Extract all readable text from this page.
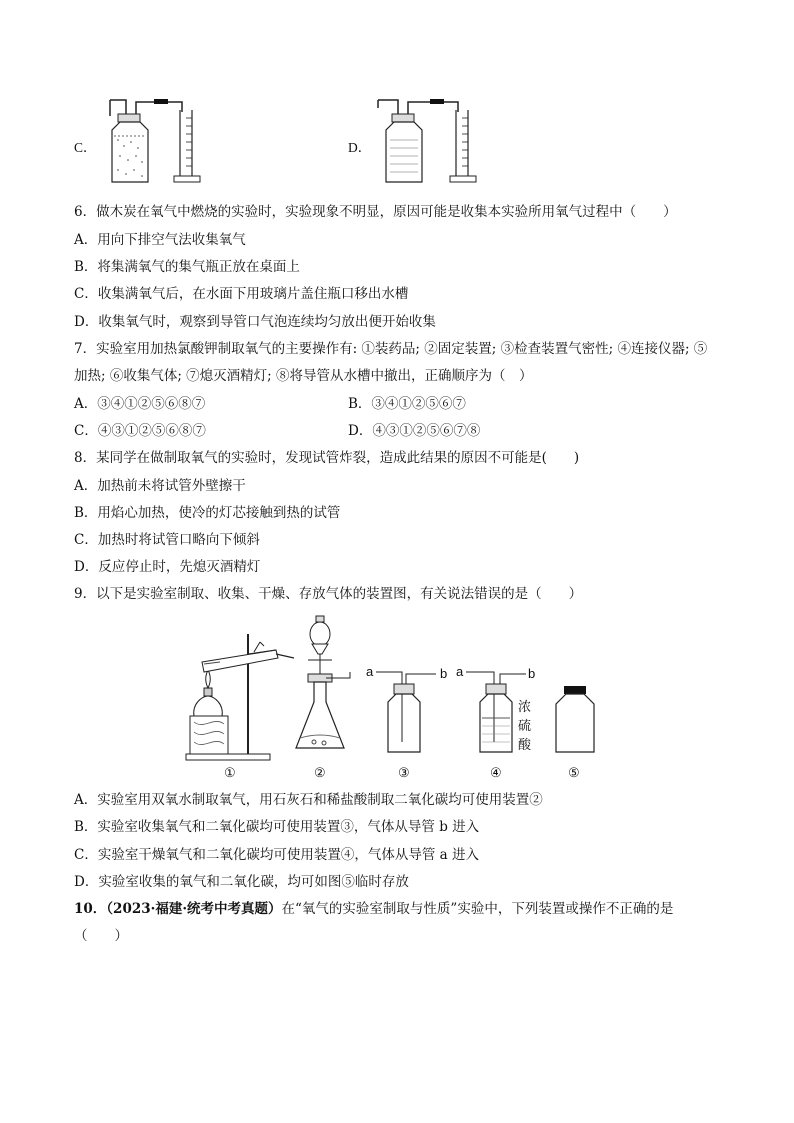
C．	D．
6．做木炭在氧气中燃烧的实验时，实验现象不明显，原因可能是收集本实验所用氧气过程中（　　）
A．用向下排空气法收集氧气
B．将集满氧气的集气瓶正放在桌面上
C．收集满氧气后，在水面下用玻璃片盖住瓶口移出水槽
D．收集氧气时，观察到导管口气泡连续均匀放出便开始收集
7．实验室用加热氯酸钾制取氧气的主要操作有: ①装药品; ②固定装置; ③检查装置气密性; ④连接仪器; ⑤
加热; ⑥收集气体; ⑦熄灭酒精灯; ⑧将导管从水槽中撤出，正确顺序为（　）
A．③④①②⑤⑥⑧⑦	B．③④①②⑤⑥⑦
C．④③①②⑤⑥⑧⑦	D．④③①②⑤⑥⑦⑧
8．某同学在做制取氧气的实验时，发现试管炸裂，造成此结果的原因不可能是(　　)
A．加热前未将试管外壁擦干
B．用焰心加热，使冷的灯芯接触到热的试管
C．加热时将试管口略向下倾斜
D．反应停止时，先熄灭酒精灯
9．以下是实验室制取、收集、干燥、存放气体的装置图，有关说法错误的是（　　）
a	b a	b
浓
硫
酸
①	②	③	④	⑤
A．实验室用双氧水制取氧气，用石灰石和稀盐酸制取二氧化碳均可使用装置②
B．实验室收集氧气和二氧化碳均可使用装置③，气体从导管 b 进入
C．实验室干燥氧气和二氧化碳均可使用装置④，气体从导管 a 进入
D．实验室收集的氧气和二氧化碳，均可如图⑤临时存放
10．（2023·福建·统考中考真题）在“氧气的实验室制取与性质”实验中，下列装置或操作不正确的是
（　　）
